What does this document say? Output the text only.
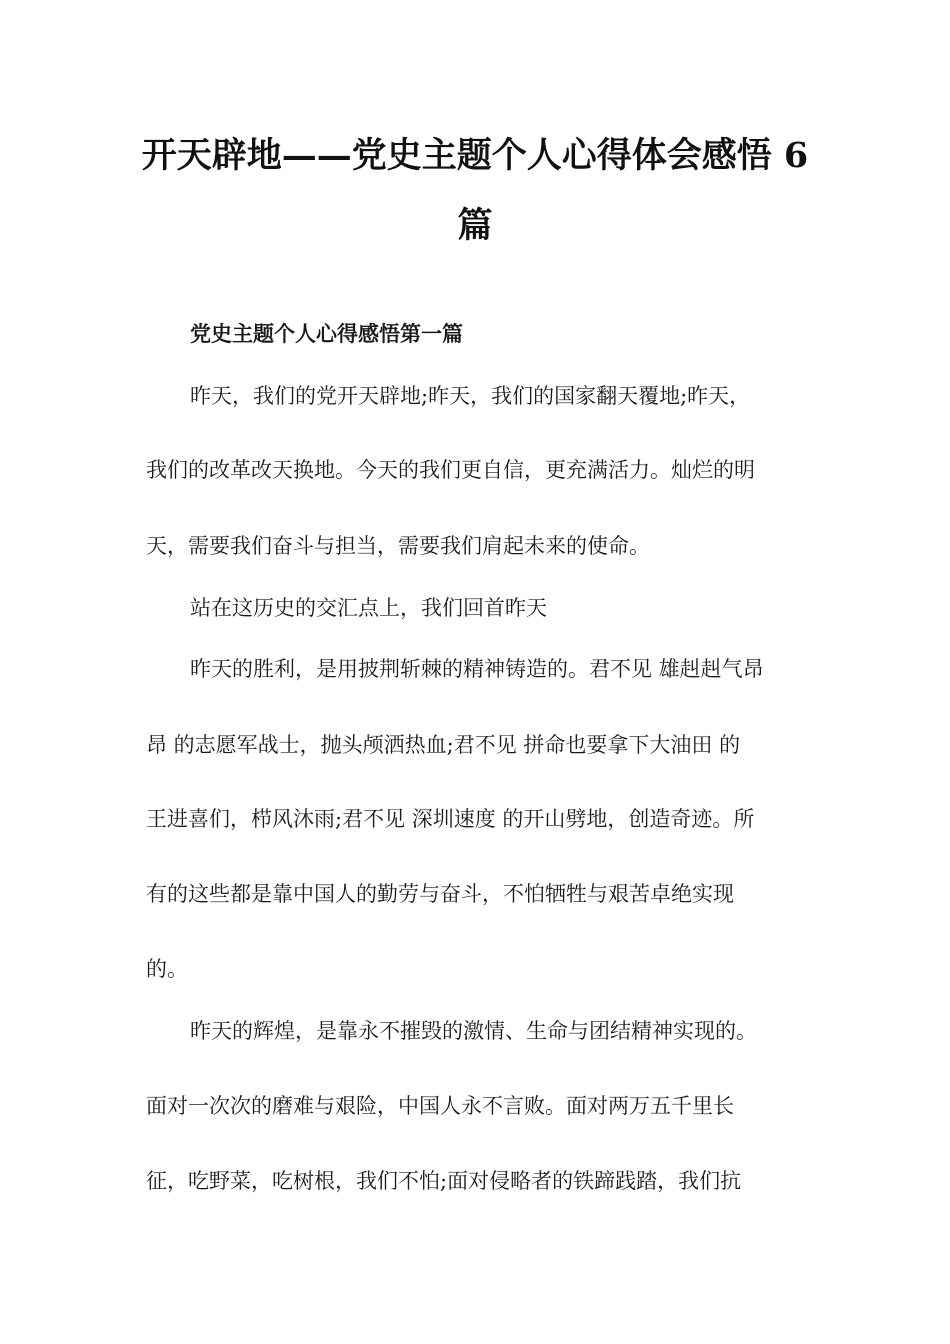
开天辟地——党史主题个人心得体会感悟 6
篇

党史主题个人心得感悟第一篇

昨天，我们的党开天辟地;昨天，我们的国家翻天覆地;昨天，

我们的改革改天换地。今天的我们更自信，更充满活力。灿烂的明

天，需要我们奋斗与担当，需要我们肩起未来的使命。

站在这历史的交汇点上，我们回首昨天

昨天的胜利，是用披荆斩棘的精神铸造的。君不见 雄赳赳气昂

昂 的志愿军战士，抛头颅洒热血;君不见 拼命也要拿下大油田 的

王进喜们，栉风沐雨;君不见 深圳速度 的开山劈地，创造奇迹。所

有的这些都是靠中国人的勤劳与奋斗，不怕牺牲与艰苦卓绝实现

的。

昨天的辉煌，是靠永不摧毁的激情、生命与团结精神实现的。

面对一次次的磨难与艰险，中国人永不言败。面对两万五千里长

征，吃野菜，吃树根，我们不怕;面对侵略者的铁蹄践踏，我们抗
